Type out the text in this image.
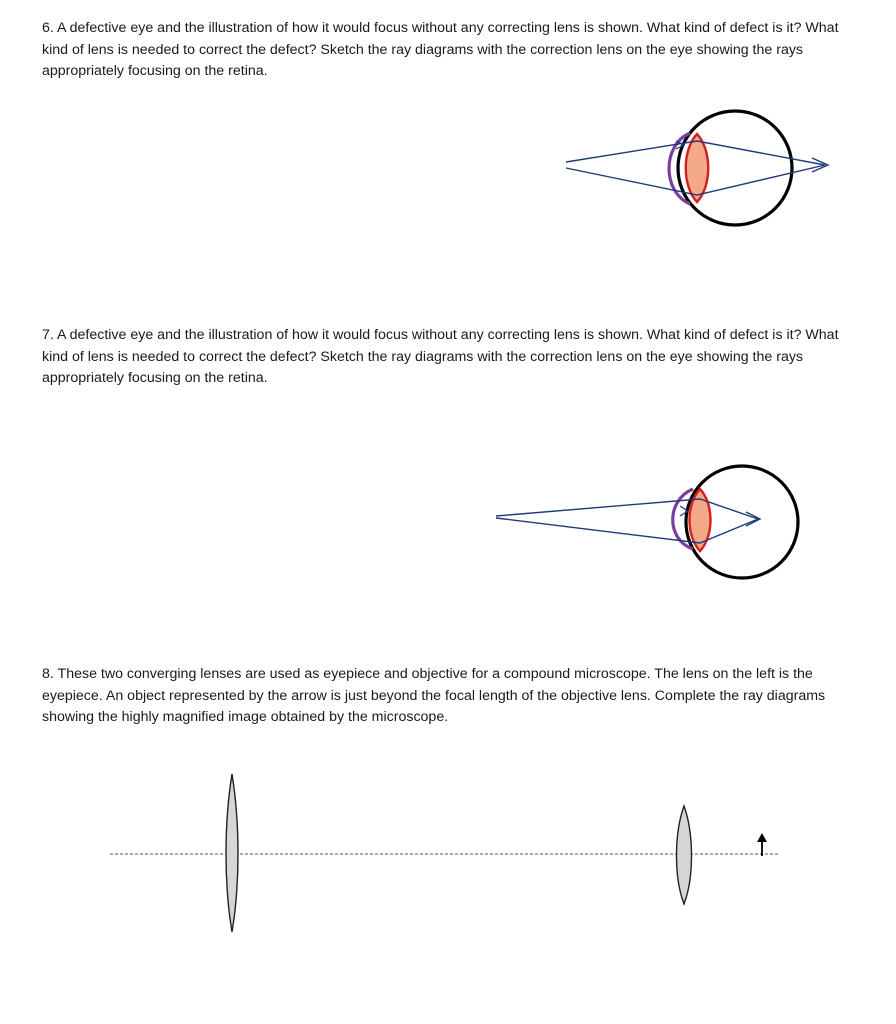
6. A defective eye and the illustration of how it would focus without any correcting lens is shown. What kind of defect is it? What kind of lens is needed to correct the defect? Sketch the ray diagrams with the correction lens on the eye showing the rays appropriately focusing on the retina.

7. A defective eye and the illustration of how it would focus without any correcting lens is shown. What kind of defect is it? What kind of lens is needed to correct the defect? Sketch the ray diagrams with the correction lens on the eye showing the rays appropriately focusing on the retina.

8. These two converging lenses are used as eyepiece and objective for a compound microscope. The lens on the left is the eyepiece. An object represented by the arrow is just beyond the focal length of the objective lens. Complete the ray diagrams showing the highly magnified image obtained by the microscope.
